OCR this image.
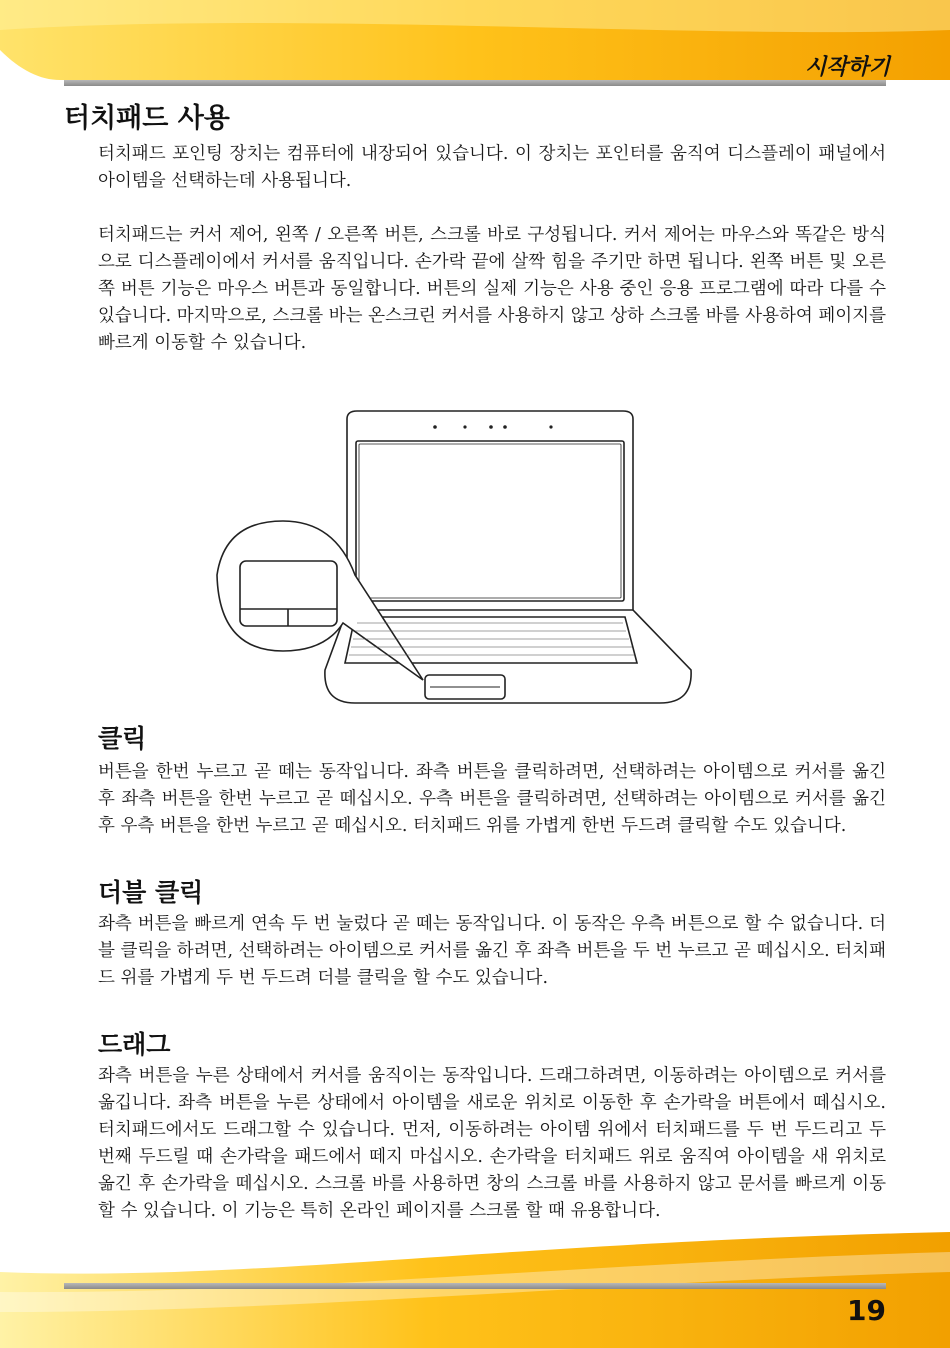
시작하기
터치패드 사용

터치패드 포인팅 장치는 컴퓨터에 내장되어 있습니다. 이 장치는 포인터를 움직여 디스플레이 패널에서 아이템을 선택하는데 사용됩니다.

터치패드는 커서 제어, 왼쪽 / 오른쪽 버튼, 스크롤 바로 구성됩니다. 커서 제어는 마우스와 똑같은 방식으로 디스플레이에서 커서를 움직입니다. 손가락 끝에 살짝 힘을 주기만 하면 됩니다. 왼쪽 버튼 및 오른쪽 버튼 기능은 마우스 버튼과 동일합니다. 버튼의 실제 기능은 사용 중인 응용 프로그램에 따라 다를 수 있습니다. 마지막으로, 스크롤 바는 온스크린 커서를 사용하지 않고 상하 스크롤 바를 사용하여 페이지를 빠르게 이동할 수 있습니다.

클릭

버튼을 한번 누르고 곧 떼는 동작입니다. 좌측 버튼을 클릭하려면, 선택하려는 아이템으로 커서를 옮긴 후 좌측 버튼을 한번 누르고 곧 떼십시오. 우측 버튼을 클릭하려면, 선택하려는 아이템으로 커서를 옮긴 후 우측 버튼을 한번 누르고 곧 떼십시오. 터치패드 위를 가볍게 한번 두드려 클릭할 수도 있습니다.

더블 클릭

좌측 버튼을 빠르게 연속 두 번 눌렀다 곧 떼는 동작입니다. 이 동작은 우측 버튼으로 할 수 없습니다. 더블 클릭을 하려면, 선택하려는 아이템으로 커서를 옮긴 후 좌측 버튼을 두 번 누르고 곧 떼십시오. 터치패드 위를 가볍게 두 번 두드려 더블 클릭을 할 수도 있습니다.

드래그

좌측 버튼을 누른 상태에서 커서를 움직이는 동작입니다. 드래그하려면, 이동하려는 아이템으로 커서를 옮깁니다. 좌측 버튼을 누른 상태에서 아이템을 새로운 위치로 이동한 후 손가락을 버튼에서 떼십시오. 터치패드에서도 드래그할 수 있습니다. 먼저, 이동하려는 아이템 위에서 터치패드를 두 번 두드리고 두 번째 두드릴 때 손가락을 패드에서 떼지 마십시오. 손가락을 터치패드 위로 움직여 아이템을 새 위치로 옮긴 후 손가락을 떼십시오. 스크롤 바를 사용하면 창의 스크롤 바를 사용하지 않고 문서를 빠르게 이동할 수 있습니다. 이 기능은 특히 온라인 페이지를 스크롤 할 때 유용합니다.

19
